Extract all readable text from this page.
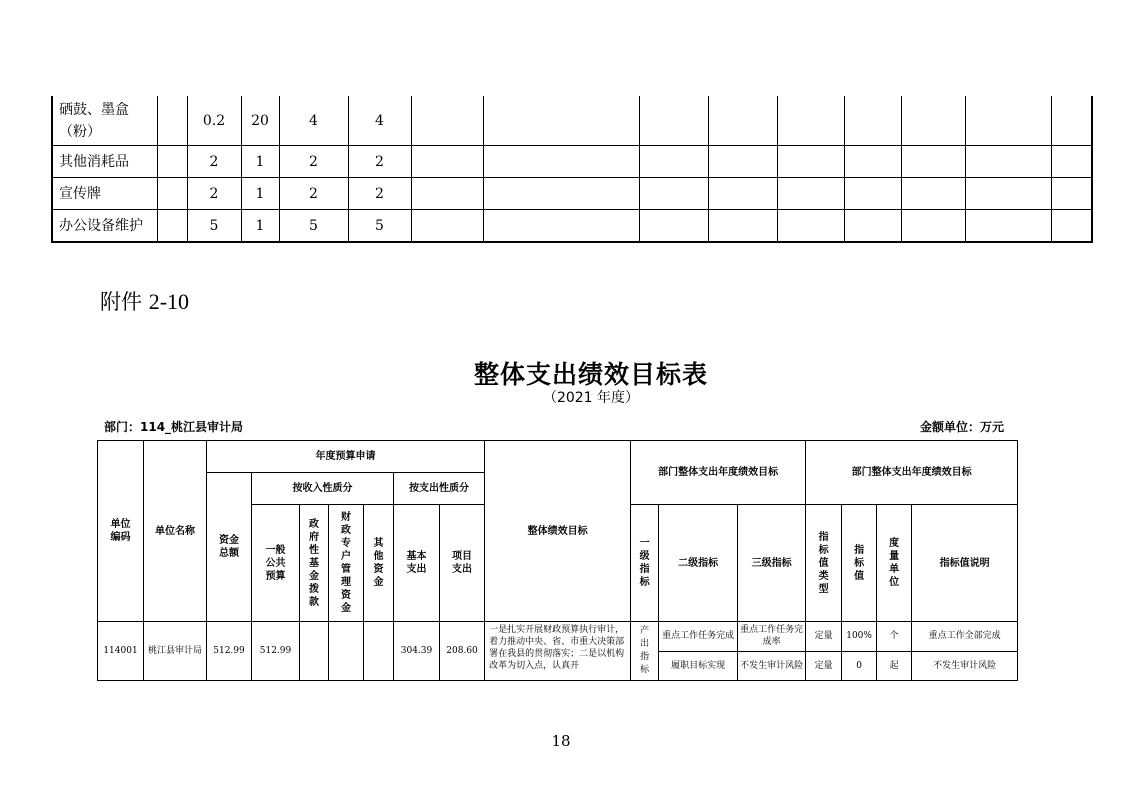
硒鼓、墨盒（粉）		0.2	20	4	4									
其他消耗品		2	1	2	2									
宣传牌		2	1	2	2									
办公设备维护		5	1	5	5									
附件 2-10
整体支出绩效目标表
（2021 年度）
部门：114_桃江县审计局	金额单位：万元
单位编码	单位名称	年度预算申请							整体绩效目标	部门整体支出年度绩效目标			部门整体支出年度绩效目标			
		资金总额	按收入性质分				按支出性质分									
			一般公共预算	政府性基金拨款	财政专户管理资金	其他资金	基本支出	项目支出		一级指标	二级指标	三级指标	指标值类型	指标值	度量单位	指标值说明

114001	桃江县审计局	512.99	512.99				304.39	208.60	一是扎实开展财政预算执行审计，着力推动中央、省、市重大决策部署在我县的贯彻落实；二是以机构改革为切入点，认真开	产出指标	重点工作任务完成	重点工作任务完成率	定量	100%	个	重点工作全部完成
											履职目标实现	不发生审计风险	定量	0	起	不发生审计风险
18
